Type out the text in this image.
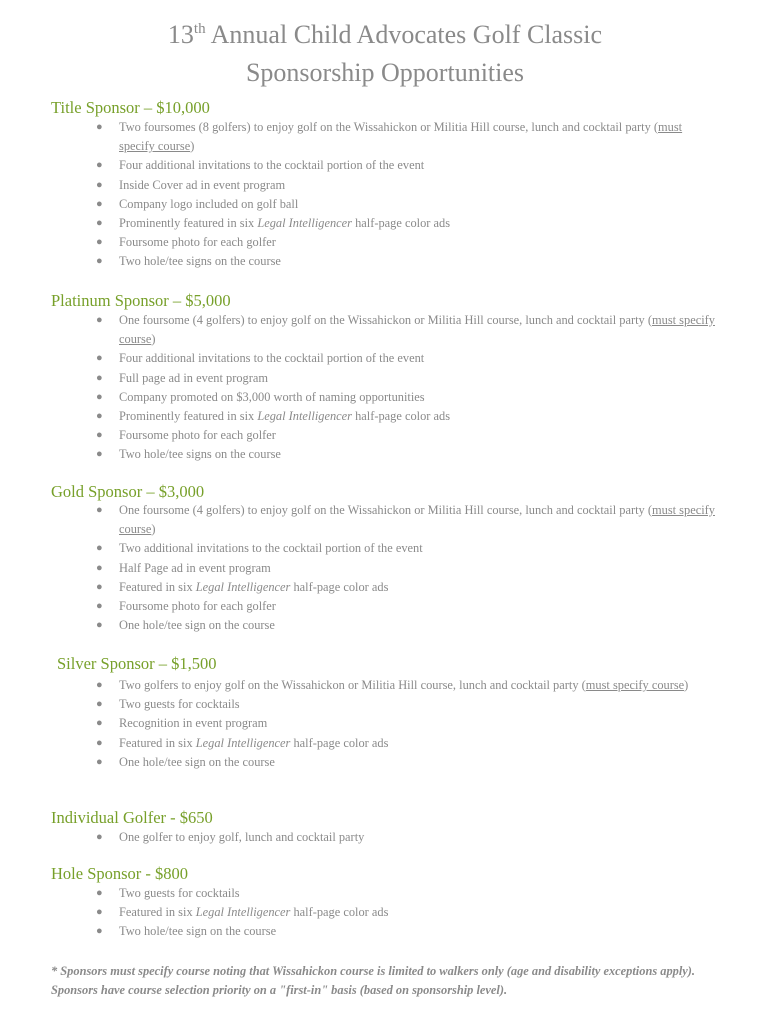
13th Annual Child Advocates Golf Classic
Sponsorship Opportunities
Title Sponsor – $10,000
● Two foursomes (8 golfers) to enjoy golf on the Wissahickon or Militia Hill course, lunch and cocktail party (must specify course)
● Four additional invitations to the cocktail portion of the event
● Inside Cover ad in event program
● Company logo included on golf ball
● Prominently featured in six Legal Intelligencer half-page color ads
● Foursome photo for each golfer
● Two hole/tee signs on the course
Platinum Sponsor – $5,000
● One foursome (4 golfers) to enjoy golf on the Wissahickon or Militia Hill course, lunch and cocktail party (must specify course)
● Four additional invitations to the cocktail portion of the event
● Full page ad in event program
● Company promoted on $3,000 worth of naming opportunities
● Prominently featured in six Legal Intelligencer half-page color ads
● Foursome photo for each golfer
● Two hole/tee signs on the course
Gold Sponsor – $3,000
● One foursome (4 golfers) to enjoy golf on the Wissahickon or Militia Hill course, lunch and cocktail party (must specify course)
● Two additional invitations to the cocktail portion of the event
● Half Page ad in event program
● Featured in six Legal Intelligencer half-page color ads
● Foursome photo for each golfer
● One hole/tee sign on the course
Silver Sponsor – $1,500
● Two golfers to enjoy golf on the Wissahickon or Militia Hill course, lunch and cocktail party (must specify course)
● Two guests for cocktails
● Recognition in event program
● Featured in six Legal Intelligencer half-page color ads
● One hole/tee sign on the course
Individual Golfer - $650
● One golfer to enjoy golf, lunch and cocktail party
Hole Sponsor - $800
● Two guests for cocktails
● Featured in six Legal Intelligencer half-page color ads
● Two hole/tee sign on the course
* Sponsors must specify course noting that Wissahickon course is limited to walkers only (age and disability exceptions apply). Sponsors have course selection priority on a "first-in" basis (based on sponsorship level).
